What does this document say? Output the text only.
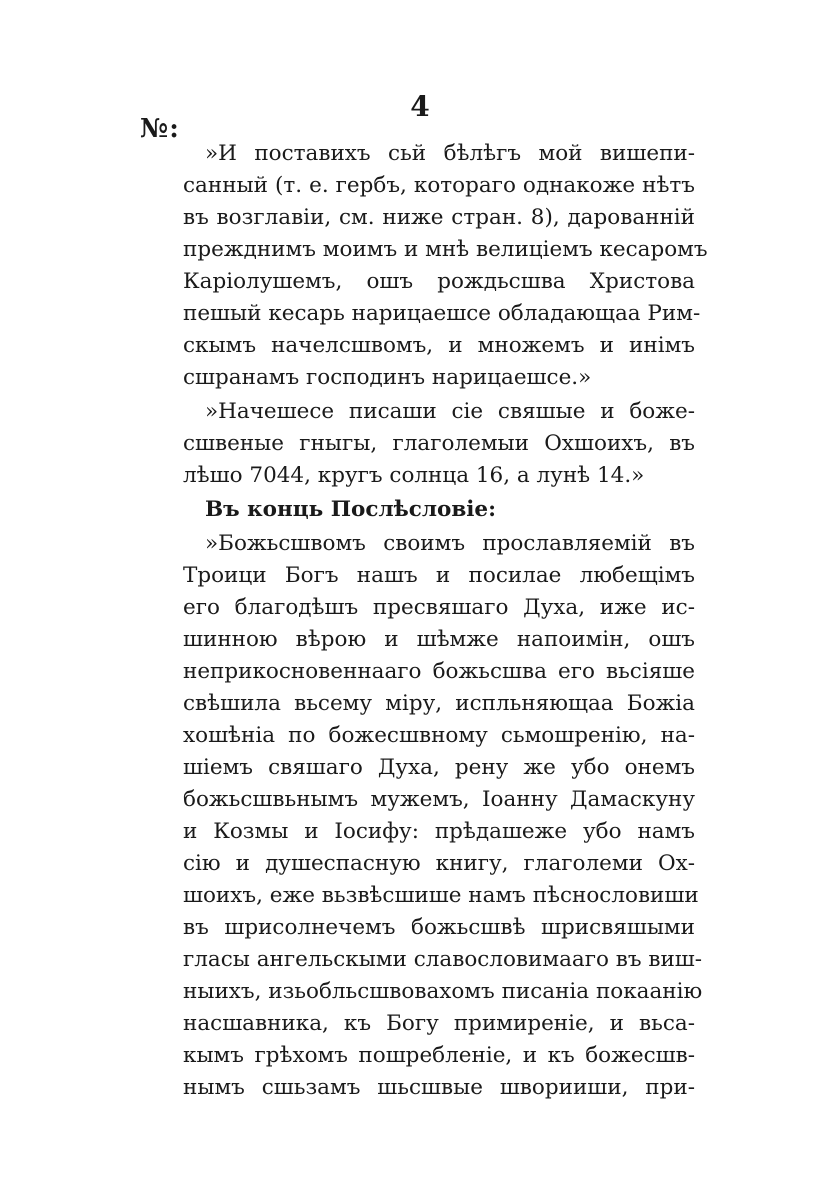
4
№:
»И поставихъ сьй бѣлѣгъ мой вишепи-
санный (т. е. гербъ, котораго однакоже нѣтъ
въ возглавіи, см. ниже стран. 8), дарованній
прежднимъ моимъ и мнѣ велиціемъ кесаромъ
Каріолушемъ, ошъ рождьсшва Христова
пешый кесарь нарицаешсе обладающаа Рим-
скымъ начелсшвомъ, и множемъ и инімъ
сшранамъ господинъ нарицаешсе.»
»Начешесе писаши сіе свяшые и боже-
сшвеные гныгы, глаголемыи Охшоихъ, въ
лѣшо 7044, кругъ солнца 16, а лунѣ 14.»
Въ конць Послѣсловіе:
»Божьсшвомъ своимъ прославляемій въ
Троици Богъ нашъ и посилае любещімъ
его благодѣшъ пресвяшаго Духа, иже ис-
шинною вѣрою и шѣмже напоимін, ошъ
неприкосновеннааго божьсшва его вьсіяше
свѣшила вьсему міру, испльняющаа Божіа
хошѣніа по божесшвному сьмошренію, на-
шіемъ свяшаго Духа, рену же убо онемъ
божьсшвьнымъ мужемъ, Іоанну Дамаскуну
и Козмы и Іосифу: прѣдашеже убо намъ
сію и душеспасную книгу, глаголеми Ох-
шоихъ, еже вьзвѣсшише намъ пѣснословиши
въ шрисолнечемъ божьсшвѣ шрисвяшыми
гласы ангельскыми славословимааго въ виш-
ныихъ, изьобльсшвовахомъ писаніа покаанію
насшавника, къ Богу примиреніе, и вьса-
кымъ грѣхомъ пошребленіе, и къ божесшв-
нымъ сшьзамъ шьсшвые шворииши, при-
